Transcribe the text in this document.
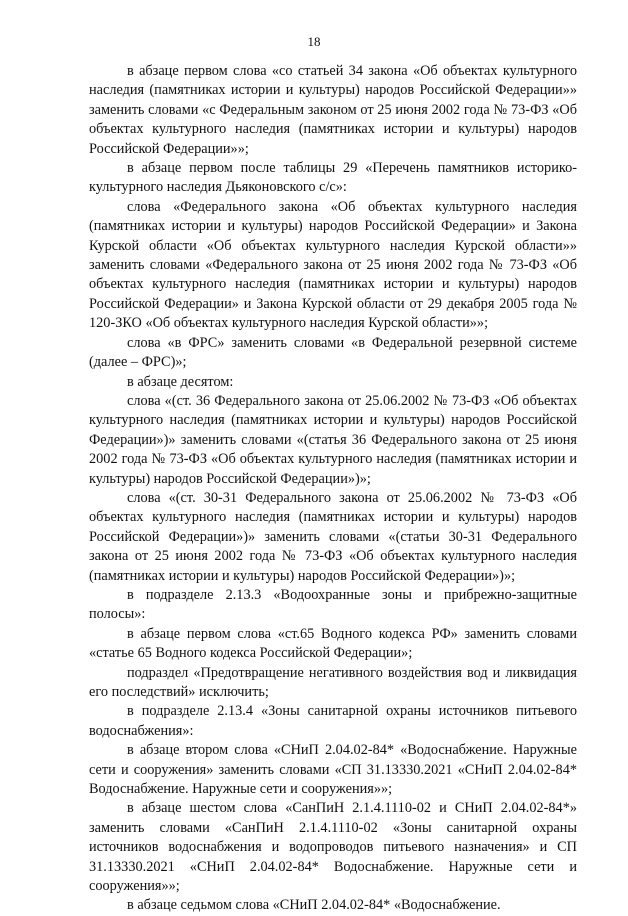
18

в абзаце первом слова «со статьей 34 закона «Об объектах культурного наследия (памятниках истории и культуры) народов Российской Федерации»» заменить словами «с Федеральным законом от 25 июня 2002 года № 73-ФЗ «Об объектах культурного наследия (памятниках истории и культуры) народов Российской Федерации»»;

в абзаце первом после таблицы 29 «Перечень памятников историко-культурного наследия Дьяконовского с/с»:

слова «Федерального закона «Об объектах культурного наследия (памятниках истории и культуры) народов Российской Федерации» и Закона Курской области «Об объектах культурного наследия Курской области»» заменить словами «Федерального закона от 25 июня 2002 года № 73-ФЗ «Об объектах культурного наследия (памятниках истории и культуры) народов Российской Федерации» и Закона Курской области от 29 декабря 2005 года № 120-ЗКО «Об объектах культурного наследия Курской области»»;

слова «в ФРС» заменить словами «в Федеральной резервной системе (далее – ФРС)»;

в абзаце десятом:

слова «(ст. 36 Федерального закона от 25.06.2002 № 73-ФЗ «Об объектах культурного наследия (памятниках истории и культуры) народов Российской Федерации»)» заменить словами «(статья 36 Федерального закона от 25 июня 2002 года № 73-ФЗ «Об объектах культурного наследия (памятниках истории и культуры) народов Российской Федерации»)»;

слова «(ст. 30-31 Федерального закона от 25.06.2002 № 73-ФЗ «Об объектах культурного наследия (памятниках истории и культуры) народов Российской Федерации»)» заменить словами «(статьи 30-31 Федерального закона от 25 июня 2002 года № 73-ФЗ «Об объектах культурного наследия (памятниках истории и культуры) народов Российской Федерации»)»;

в подразделе 2.13.3 «Водоохранные зоны и прибрежно-защитные полосы»:

в абзаце первом слова «ст.65 Водного кодекса РФ» заменить словами «статье 65 Водного кодекса Российской Федерации»;

подраздел «Предотвращение негативного воздействия вод и ликвидация его последствий» исключить;

в подразделе 2.13.4 «Зоны санитарной охраны источников питьевого водоснабжения»:

в абзаце втором слова «СНиП 2.04.02-84* «Водоснабжение. Наружные сети и сооружения» заменить словами «СП 31.13330.2021 «СНиП 2.04.02-84* Водоснабжение. Наружные сети и сооружения»»;

в абзаце шестом слова «СанПиН 2.1.4.1110-02 и СНиП 2.04.02-84*» заменить словами «СанПиН 2.1.4.1110-02 «Зоны санитарной охраны источников водоснабжения и водопроводов питьевого назначения» и СП 31.13330.2021 «СНиП 2.04.02-84* Водоснабжение. Наружные сети и сооружения»»;

в абзаце седьмом слова «СНиП 2.04.02-84* «Водоснабжение.
